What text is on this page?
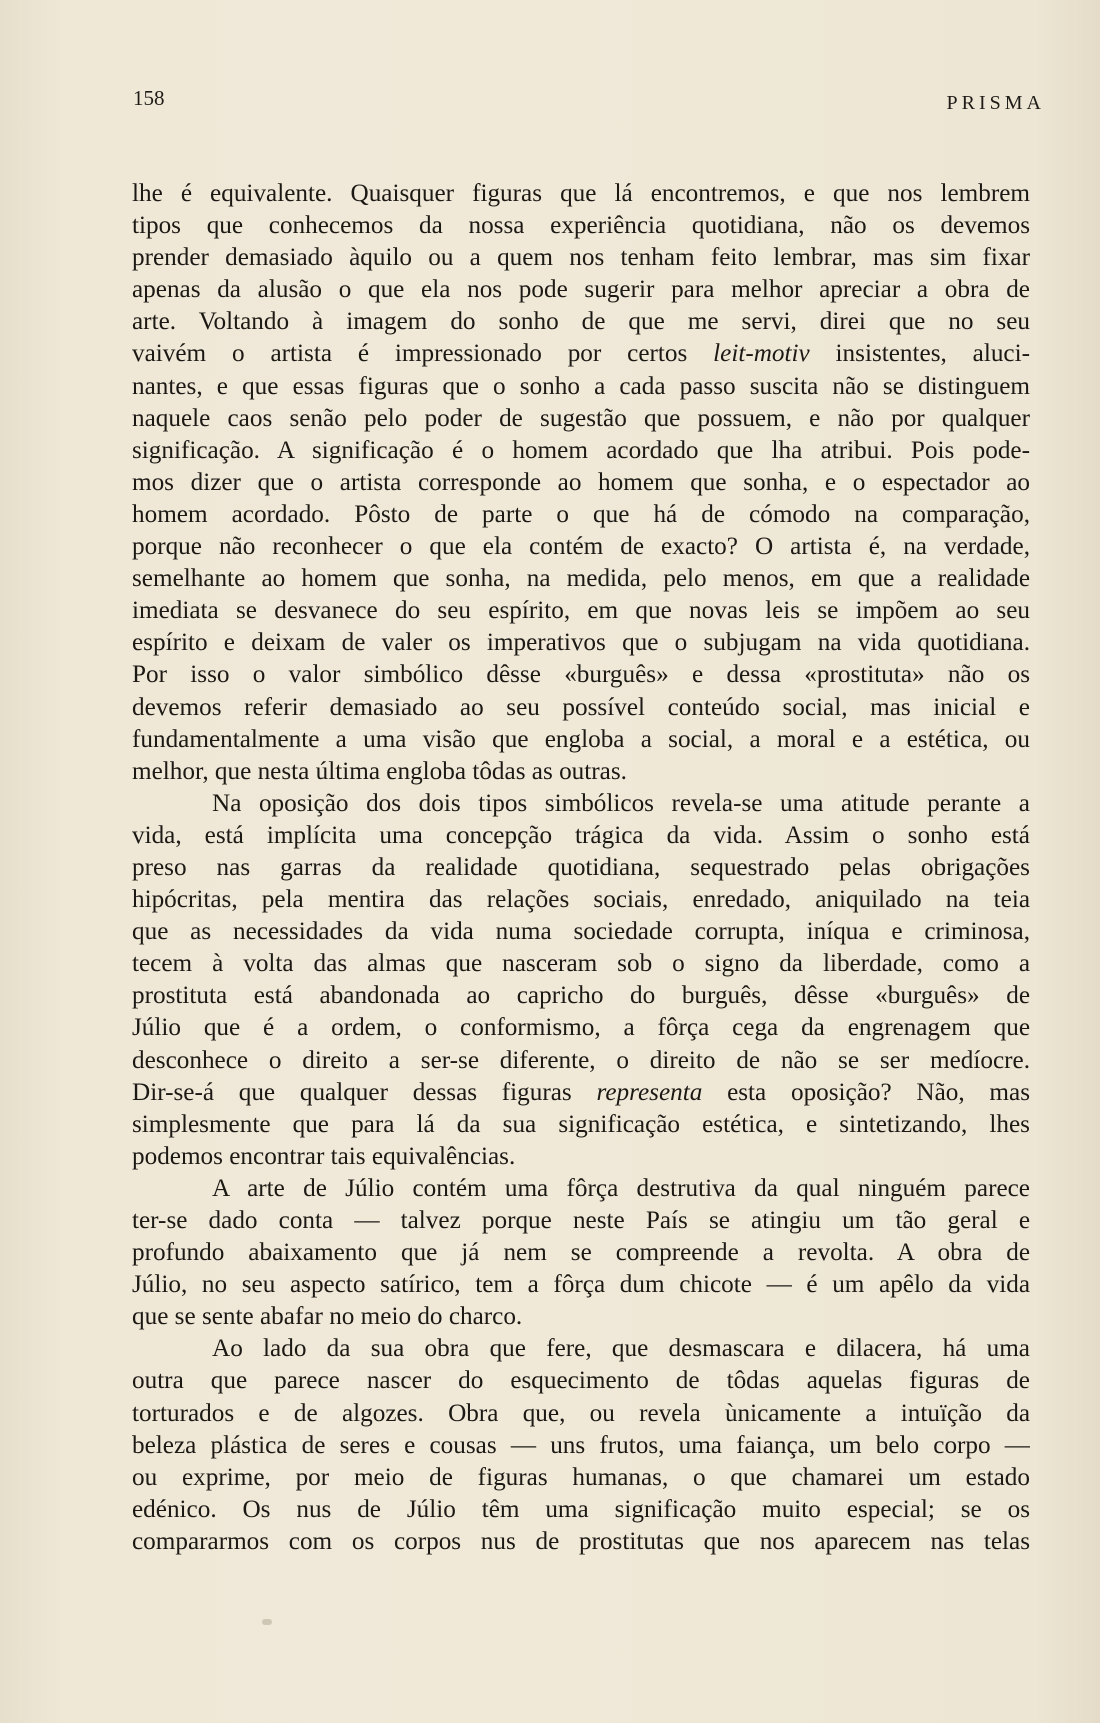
158	PRISMA
lhe é equivalente. Quaisquer figuras que lá encontremos, e que nos lembrem
tipos que conhecemos da nossa experiência quotidiana, não os devemos
prender demasiado àquilo ou a quem nos tenham feito lembrar, mas sim fixar
apenas da alusão o que ela nos pode sugerir para melhor apreciar a obra de
arte. Voltando à imagem do sonho de que me servi, direi que no seu
vaivém o artista é impressionado por certos leit-motiv insistentes, aluci-
nantes, e que essas figuras que o sonho a cada passo suscita não se distinguem
naquele caos senão pelo poder de sugestão que possuem, e não por qualquer
significação. A significação é o homem acordado que lha atribui. Pois pode-
mos dizer que o artista corresponde ao homem que sonha, e o espectador ao
homem acordado. Pôsto de parte o que há de cómodo na comparação,
porque não reconhecer o que ela contém de exacto? O artista é, na verdade,
semelhante ao homem que sonha, na medida, pelo menos, em que a realidade
imediata se desvanece do seu espírito, em que novas leis se impõem ao seu
espírito e deixam de valer os imperativos que o subjugam na vida quotidiana.
Por isso o valor simbólico dêsse «burguês» e dessa «prostituta» não os
devemos referir demasiado ao seu possível conteúdo social, mas inicial e
fundamentalmente a uma visão que engloba a social, a moral e a estética, ou
melhor, que nesta última engloba tôdas as outras.
Na oposição dos dois tipos simbólicos revela-se uma atitude perante a
vida, está implícita uma concepção trágica da vida. Assim o sonho está
preso nas garras da realidade quotidiana, sequestrado pelas obrigações
hipócritas, pela mentira das relações sociais, enredado, aniquilado na teia
que as necessidades da vida numa sociedade corrupta, iníqua e criminosa,
tecem à volta das almas que nasceram sob o signo da liberdade, como a
prostituta está abandonada ao capricho do burguês, dêsse «burguês» de
Júlio que é a ordem, o conformismo, a fôrça cega da engrenagem que
desconhece o direito a ser-se diferente, o direito de não se ser medíocre.
Dir-se-á que qualquer dessas figuras representa esta oposição? Não, mas
simplesmente que para lá da sua significação estética, e sintetizando, lhes
podemos encontrar tais equivalências.
A arte de Júlio contém uma fôrça destrutiva da qual ninguém parece
ter-se dado conta — talvez porque neste País se atingiu um tão geral e
profundo abaixamento que já nem se compreende a revolta. A obra de
Júlio, no seu aspecto satírico, tem a fôrça dum chicote — é um apêlo da vida
que se sente abafar no meio do charco.
Ao lado da sua obra que fere, que desmascara e dilacera, há uma
outra que parece nascer do esquecimento de tôdas aquelas figuras de
torturados e de algozes. Obra que, ou revela ùnicamente a intuïção da
beleza plástica de seres e cousas — uns frutos, uma faiança, um belo corpo —
ou exprime, por meio de figuras humanas, o que chamarei um estado
edénico. Os nus de Júlio têm uma significação muito especial; se os
compararmos com os corpos nus de prostitutas que nos aparecem nas telas
